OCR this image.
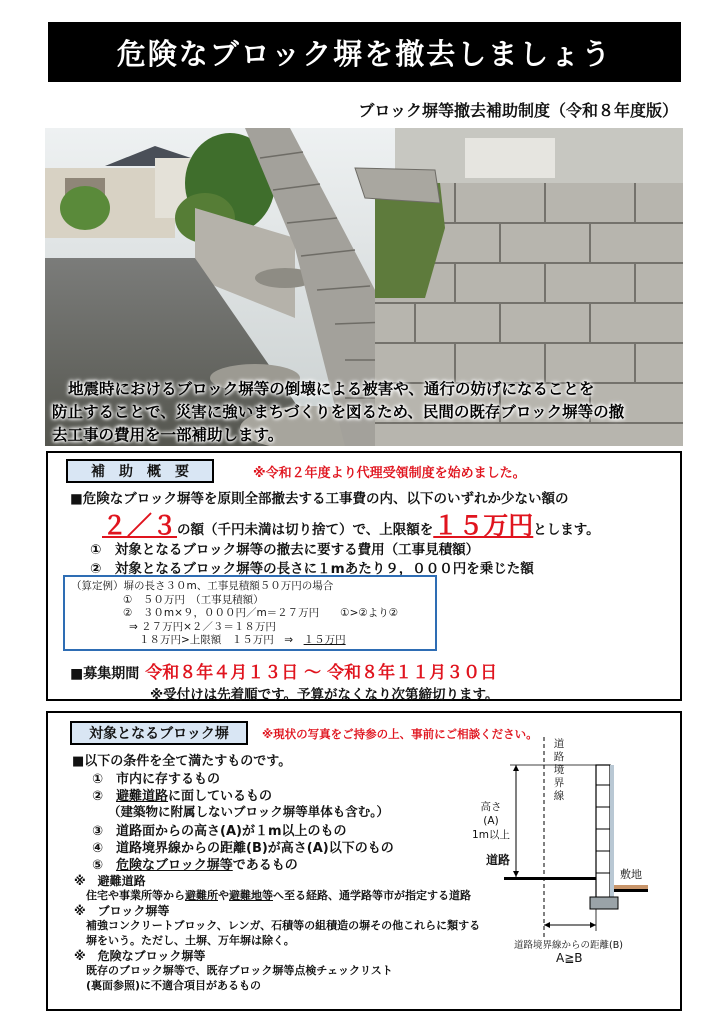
危険なブロック塀を撤去しましょう
ブロック塀等撤去補助制度（令和８年度版）
地震時におけるブロック塀等の倒壊による被害や、通行の妨げになることを
防止することで、災害に強いまちづくりを図るため、民間の既存ブロック塀等の撤
去工事の費用を一部補助します。
補　助　概　要	※令和２年度より代理受領制度を始めました。
■危険なブロック塀等を原則全部撤去する工事費の内、以下のいずれか少ない額の
２／３ の額（千円未満は切り捨て）で、上限額を １５万円 とします。
①　対象となるブロック塀等の撤去に要する費用（工事見積額）
②　対象となるブロック塀等の長さに１mあたり９，０００円を乗じた額
（算定例）塀の長さ３０m、工事見積額５０万円の場合
①　５０万円　（工事見積額）
②　３０m×９，０００円／m＝２７万円　　①>②より②
⇒ ２７万円×２／３＝１８万円
１８万円>上限額　１５万円　⇒　１５万円
■募集期間 令和８年４月１３日 ～ 令和８年１１月３０日
※受付けは先着順です。予算がなくなり次第締切ります。
対象となるブロック塀	※現状の写真をご持参の上、事前にご相談ください。
■以下の条件を全て満たすものです。
①　市内に存するもの
②　避難道路に面しているもの
（建築物に附属しないブロック塀等単体も含む。）
③　道路面からの高さ(A)が１m以上のもの
④　道路境界線からの距離(B)が高さ(A)以下のもの
⑤　危険なブロック塀等であるもの
※　避難道路
住宅や事業所等から避難所や避難地等へ至る経路、通学路等市が指定する道路
※　ブロック塀等
補強コンクリートブロック、レンガ、石積等の組積造の塀その他これらに類する
塀をいう。ただし、土塀、万年塀は除く。
※　危険なブロック塀等
既存のブロック塀等で、既存ブロック塀等点検チェックリスト
(裏面参照)に不適合項目があるもの
道路境界線
高さ
(A)
1m以上
道路
敷地
道路境界線からの距離(B)
A≧B
